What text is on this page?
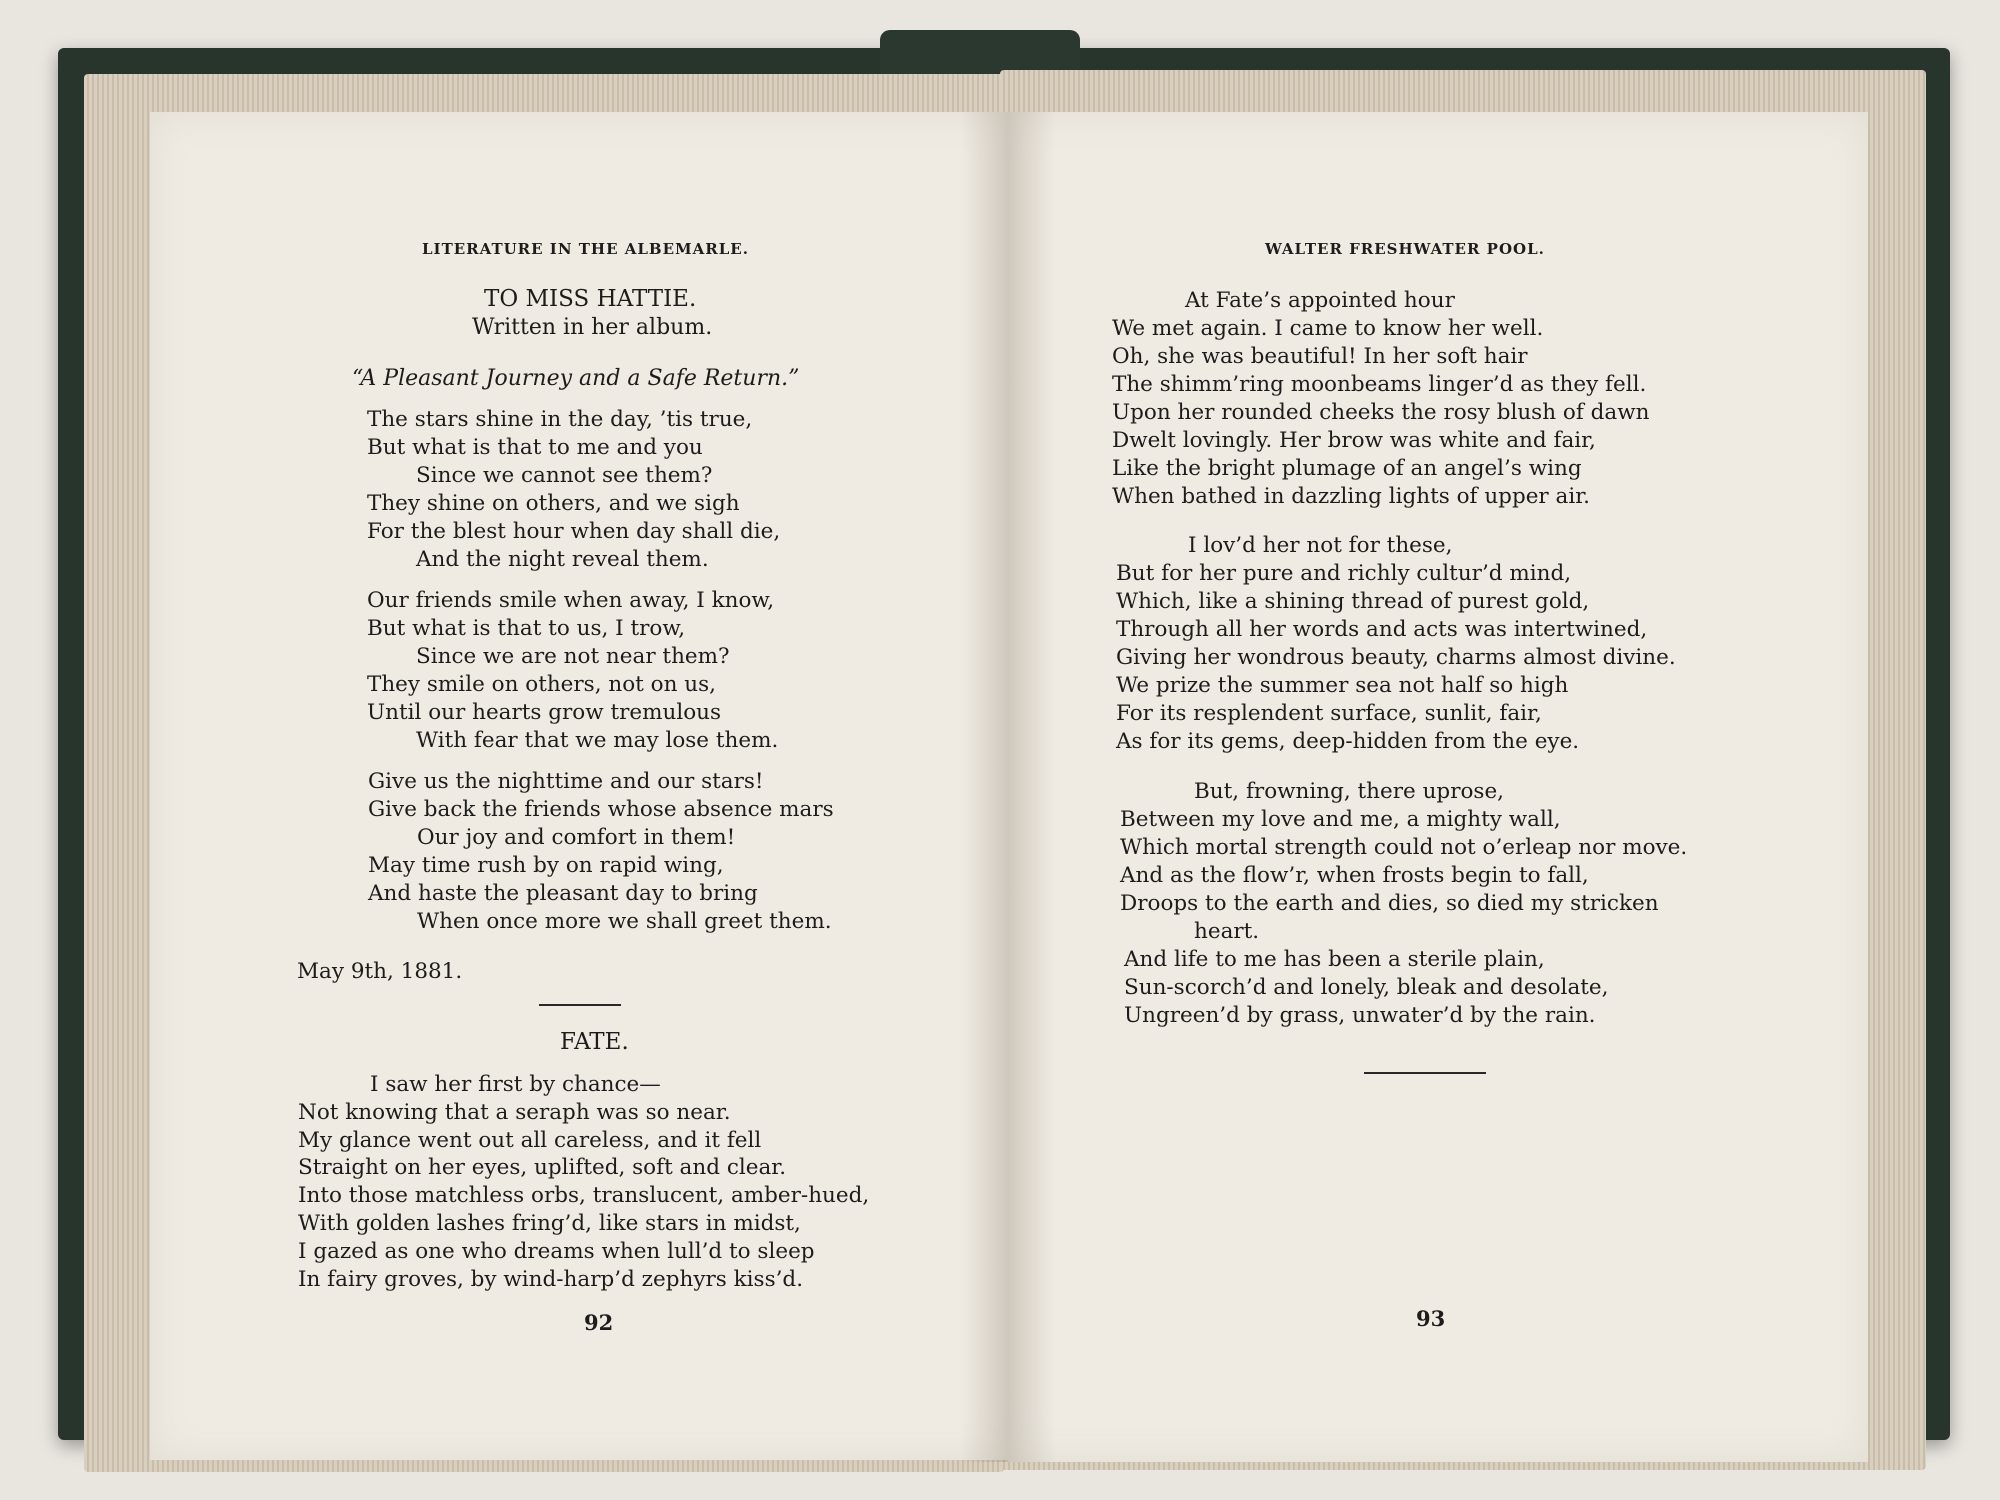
LITERATURE IN THE ALBEMARLE.
TO MISS HATTIE.
Written in her album.
“A Pleasant Journey and a Safe Return.”
The stars shine in the day, ’tis true,
But what is that to me and you
Since we cannot see them?
They shine on others, and we sigh
For the blest hour when day shall die,
And the night reveal them.
Our friends smile when away, I know,
But what is that to us, I trow,
Since we are not near them?
They smile on others, not on us,
Until our hearts grow tremulous
With fear that we may lose them.
Give us the nighttime and our stars!
Give back the friends whose absence mars
Our joy and comfort in them!
May time rush by on rapid wing,
And haste the pleasant day to bring
When once more we shall greet them.
May 9th, 1881.
FATE.
I saw her first by chance—
Not knowing that a seraph was so near.
My glance went out all careless, and it fell
Straight on her eyes, uplifted, soft and clear.
Into those matchless orbs, translucent, amber-hued,
With golden lashes fring’d, like stars in midst,
I gazed as one who dreams when lull’d to sleep
In fairy groves, by wind-harp’d zephyrs kiss’d.
92
WALTER FRESHWATER POOL.
At Fate’s appointed hour
We met again. I came to know her well.
Oh, she was beautiful! In her soft hair
The shimm’ring moonbeams linger’d as they fell.
Upon her rounded cheeks the rosy blush of dawn
Dwelt lovingly. Her brow was white and fair,
Like the bright plumage of an angel’s wing
When bathed in dazzling lights of upper air.
I lov’d her not for these,
But for her pure and richly cultur’d mind,
Which, like a shining thread of purest gold,
Through all her words and acts was intertwined,
Giving her wondrous beauty, charms almost divine.
We prize the summer sea not half so high
For its resplendent surface, sunlit, fair,
As for its gems, deep-hidden from the eye.
But, frowning, there uprose,
Between my love and me, a mighty wall,
Which mortal strength could not o’erleap nor move.
And as the flow’r, when frosts begin to fall,
Droops to the earth and dies, so died my stricken
heart.
And life to me has been a sterile plain,
Sun-scorch’d and lonely, bleak and desolate,
Ungreen’d by grass, unwater’d by the rain.
93
